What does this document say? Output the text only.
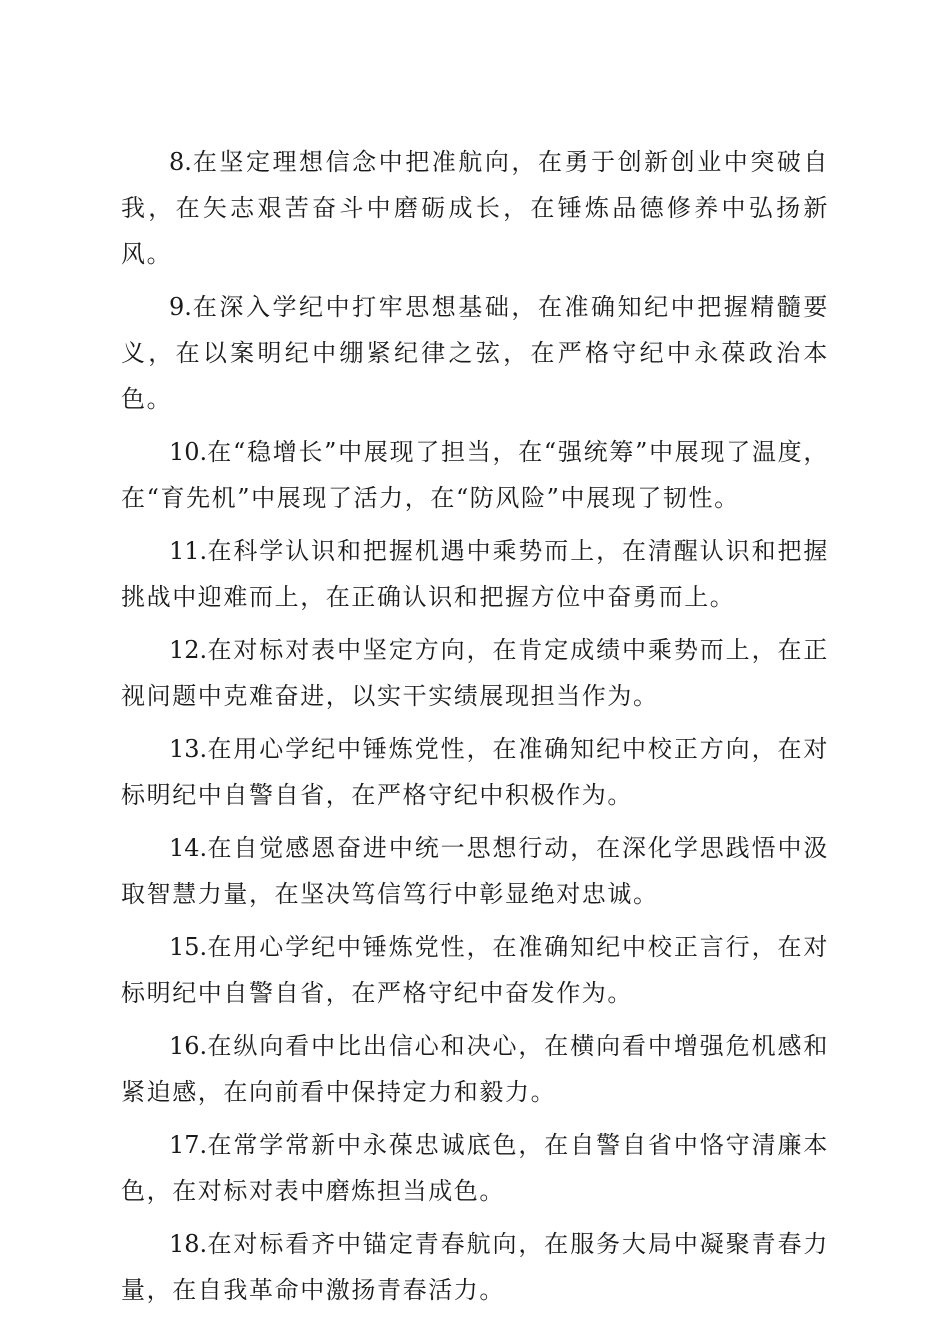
8.在坚定理想信念中把准航向，在勇于创新创业中突破自我，在矢志艰苦奋斗中磨砺成长，在锤炼品德修养中弘扬新风。

9.在深入学纪中打牢思想基础，在准确知纪中把握精髓要义，在以案明纪中绷紧纪律之弦，在严格守纪中永葆政治本色。

10.在“稳增长”中展现了担当，在“强统筹”中展现了温度，在“育先机”中展现了活力，在“防风险”中展现了韧性。

11.在科学认识和把握机遇中乘势而上，在清醒认识和把握挑战中迎难而上，在正确认识和把握方位中奋勇而上。

12.在对标对表中坚定方向，在肯定成绩中乘势而上，在正视问题中克难奋进，以实干实绩展现担当作为。

13.在用心学纪中锤炼党性，在准确知纪中校正方向，在对标明纪中自警自省，在严格守纪中积极作为。

14.在自觉感恩奋进中统一思想行动，在深化学思践悟中汲取智慧力量，在坚决笃信笃行中彰显绝对忠诚。

15.在用心学纪中锤炼党性，在准确知纪中校正言行，在对标明纪中自警自省，在严格守纪中奋发作为。

16.在纵向看中比出信心和决心，在横向看中增强危机感和紧迫感，在向前看中保持定力和毅力。

17.在常学常新中永葆忠诚底色，在自警自省中恪守清廉本色，在对标对表中磨炼担当成色。

18.在对标看齐中锚定青春航向，在服务大局中凝聚青春力量，在自我革命中激扬青春活力。
